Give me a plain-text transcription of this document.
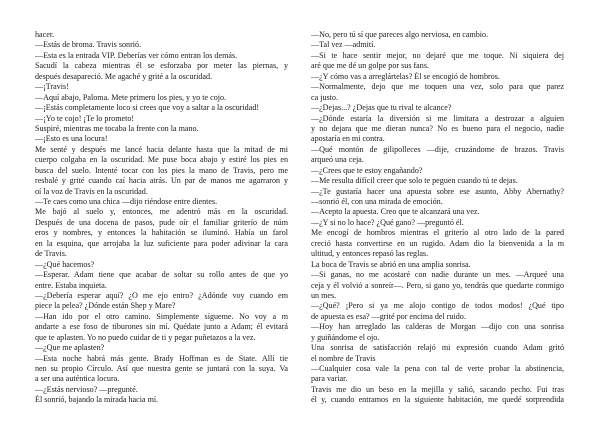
hacer.
—Estás de broma. Travis sonrió.
—Esta es la entrada VIP. Deberías ver cómo entran los demás.
Sacudí la cabeza mientras él se esforzaba por meter las piernas, y
después desapareció. Me agaché y grité a la oscuridad.
—¡Travis!
—Aquí abajo, Paloma. Mete primero los pies, y yo te cojo.
—¡Estás completamente loco si crees que voy a saltar a la oscuridad!
—¡Yo te cojo! ¡Te lo prometo!
Suspiré, mientras me tocaba la frente con la mano.
—¡Esto es una locura!
Me senté y después me lancé hacia delante hasta que la mitad de mi
cuerpo colgaba en la oscuridad. Me puse boca abajo y estiré los pies en
busca del suelo. Intenté tocar con los pies la mano de Travis, pero me
resbalé y grité cuando caí hacia atrás. Un par de manos me agarraron y
oí la voz de Travis en la oscuridad.
—Te caes como una chica —dijo riéndose entre dientes.
Me bajó al suelo y, entonces, me adentró más en la oscuridad.
Después de una docena de pasos, pude oír el familiar griterío de núm
eros y nombres, y entonces la habitación se iluminó. Había un farol
en la esquina, que arrojaba la luz suficiente para poder adivinar la cara
de Travis.
—¿Qué hacemos?
—Esperar. Adam tiene que acabar de soltar su rollo antes de que yo
entre. Estaba inquieta.
—¿Debería esperar aquí? ¿O me ejo entro? ¿Adónde voy cuando em
piece la pelea? ¿Dónde están Shep y Mare?
—Han ido por el otro camino. Simplemente sígueme. No voy a m
andarte a ese foso de tiburones sin mí. Quédate junto a Adam; él evitará
que te aplasten. Yo no puedo cuidar de ti y pegar puñetazos a la vez.
—¿Que me aplasten?
—Esta noche habrá más gente. Brady Hoffman es de State. Allí tie
nen su propio Círculo. Así que nuestra gente se juntará con la suya. Va
a ser una auténtica locura.
—¿Estás nervioso? —pregunté.
Él sonrió, bajando la mirada hacia mí.
—No, pero tú sí que pareces algo nerviosa, en cambio.
—Tal vez —admití.
—Si te hace sentir mejor, no dejaré que me toque. Ni siquiera dej
aré que me dé un golpe por sus fans.
—¿Y cómo vas a arreglártelas? Él se encogió de hombros.
—Normalmente, dejo que me toquen una vez, solo para que parez
ca justo.
—¿Dejas...? ¿Dejas que tu rival te alcance?
—¿Dónde estaría la diversión si me limitara a destrozar a alguien
y no dejara que me dieran nunca? No es bueno para el negocio, nadie
apostaría en mi contra.
—Qué montón de gilipolleces —dije, cruzándome de brazos. Travis
arqueó una ceja.
—¿Crees que te estoy engañando?
—Me resulta difícil creer que solo te peguen cuando tú te dejas.
—¿Te gustaría hacer una apuesta sobre ese asunto, Abby Abernathy?
—sonrió él, con una mirada de emoción.
—Acepto la apuesta. Creo que te alcanzará una vez.
—¿Y si no lo hace? ¿Qué gano? —preguntó él.
Me encogí de hombros mientras el griterío al otro lado de la pared
creció hasta convertirse en un rugido. Adam dio la bienvenida a la m
ultitud, y entonces repasó las reglas.
La boca de Travis se abrió en una amplia sonrisa.
—Si ganas, no me acostaré con nadie durante un mes. —Arqueé una
ceja y él volvió a sonreír—. Pero, si gano yo, tendrás que quedarte conmigo
un mes.
—¿Qué? ¡Pero si ya me alojo contigo de todos modos! ¿Qué tipo
de apuesta es esa? —grité por encima del ruido.
—Hoy han arreglado las calderas de Morgan —dijo con una sonrisa
y guiñándome el ojo.
Una sonrisa de satisfacción relajó mi expresión cuando Adam gritó
el nombre de Travis
—Cualquier cosa vale la pena con tal de verte probar la abstinencia,
para variar.
Travis me dio un beso en la mejilla y salió, sacando pecho. Fui tras
él y, cuando entramos en la siguiente habitación, me quedé sorprendida
